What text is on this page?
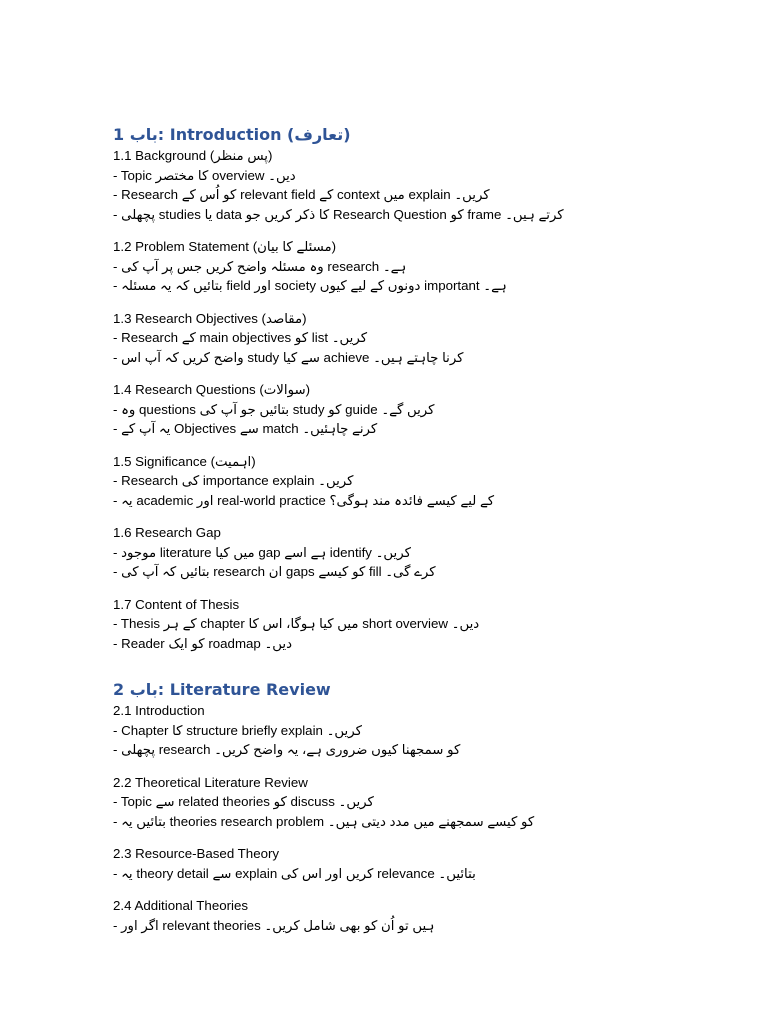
1 باب: Introduction (تعارف)
1.1 Background (پس منظر)
- Topic کا مختصر overview دیں۔
- Research کو اُس کے relevant field کے context میں explain کریں۔
- پچھلی studies یا data کا ذکر کریں جو Research Question کو frame کرتے ہیں۔
1.2 Problem Statement (مسئلے کا بیان)
- وہ مسئلہ واضح کریں جس پر آپ کی research ہے۔
- بتائیں کہ یہ مسئلہ field اور society دونوں کے لیے کیوں important ہے۔
1.3 Research Objectives (مقاصد)
- Research کے main objectives کو list کریں۔
- واضح کریں کہ آپ اس study سے کیا achieve کرنا چاہتے ہیں۔
1.4 Research Questions (سوالات)
- وہ questions بتائیں جو آپ کی study کو guide کریں گے۔
- یہ آپ کے Objectives سے match کرنے چاہئیں۔
1.5 Significance (اہمیت)
- Research کی importance explain کریں۔
- یہ academic اور real-world practice کے لیے کیسے فائدہ مند ہوگی؟
1.6 Research Gap
- موجود literature میں کیا gap ہے اسے identify کریں۔
- بتائیں کہ آپ کی research ان gaps کو کیسے fill کرے گی۔
1.7 Content of Thesis
- Thesis کے ہر chapter میں کیا ہوگا، اس کا short overview دیں۔
- Reader کو ایک roadmap دیں۔
2 باب: Literature Review
2.1 Introduction
- Chapter کا structure briefly explain کریں۔
- پچھلی research کو سمجھنا کیوں ضروری ہے، یہ واضح کریں۔
2.2 Theoretical Literature Review
- Topic سے related theories کو discuss کریں۔
- بتائیں یہ theories research problem کو کیسے سمجھنے میں مدد دیتی ہیں۔
2.3 Resource-Based Theory
- یہ theory detail سے explain کریں اور اس کی relevance بتائیں۔
2.4 Additional Theories
- اگر اور relevant theories ہیں تو اُن کو بھی شامل کریں۔
